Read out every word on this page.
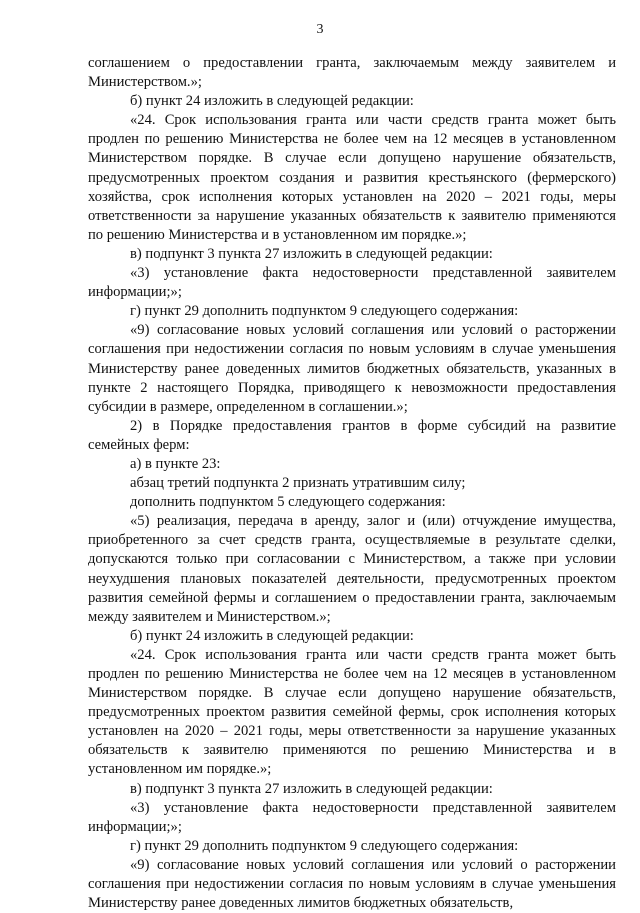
3

соглашением о предоставлении гранта, заключаемым между заявителем и Министерством.»;

б) пункт 24 изложить в следующей редакции:

«24. Срок использования гранта или части средств гранта может быть продлен по решению Министерства не более чем на 12 месяцев в установленном Министерством порядке. В случае если допущено нарушение обязательств, предусмотренных проектом создания и развития крестьянского (фермерского) хозяйства, срок исполнения которых установлен на 2020 – 2021 годы, меры ответственности за нарушение указанных обязательств к заявителю применяются по решению Министерства и в установленном им порядке.»;

в) подпункт 3 пункта 27 изложить в следующей редакции:

«3) установление факта недостоверности представленной заявителем информации;»;

г) пункт 29 дополнить подпунктом 9 следующего содержания:

«9) согласование новых условий соглашения или условий о расторжении соглашения при недостижении согласия по новым условиям в случае уменьшения Министерству ранее доведенных лимитов бюджетных обязательств, указанных в пункте 2 настоящего Порядка, приводящего к невозможности предоставления субсидии в размере, определенном в соглашении.»;

2) в Порядке предоставления грантов в форме субсидий на развитие семейных ферм:

а) в пункте 23:

абзац третий подпункта 2 признать утратившим силу;

дополнить подпунктом 5 следующего содержания:

«5) реализация, передача в аренду, залог и (или) отчуждение имущества, приобретенного за счет средств гранта, осуществляемые в результате сделки, допускаются только при согласовании с Министерством, а также при условии неухудшения плановых показателей деятельности, предусмотренных проектом развития семейной фермы и соглашением о предоставлении гранта, заключаемым между заявителем и Министерством.»;

б) пункт 24 изложить в следующей редакции:

«24. Срок использования гранта или части средств гранта может быть продлен по решению Министерства не более чем на 12 месяцев в установленном Министерством порядке. В случае если допущено нарушение обязательств, предусмотренных проектом развития семейной фермы, срок исполнения которых установлен на 2020 – 2021 годы, меры ответственности за нарушение указанных обязательств к заявителю применяются по решению Министерства и в установленном им порядке.»;

в) подпункт 3 пункта 27 изложить в следующей редакции:

«3) установление факта недостоверности представленной заявителем информации;»;

г) пункт 29 дополнить подпунктом 9 следующего содержания:

«9) согласование новых условий соглашения или условий о расторжении соглашения при недостижении согласия по новым условиям в случае уменьшения Министерству ранее доведенных лимитов бюджетных обязательств,
